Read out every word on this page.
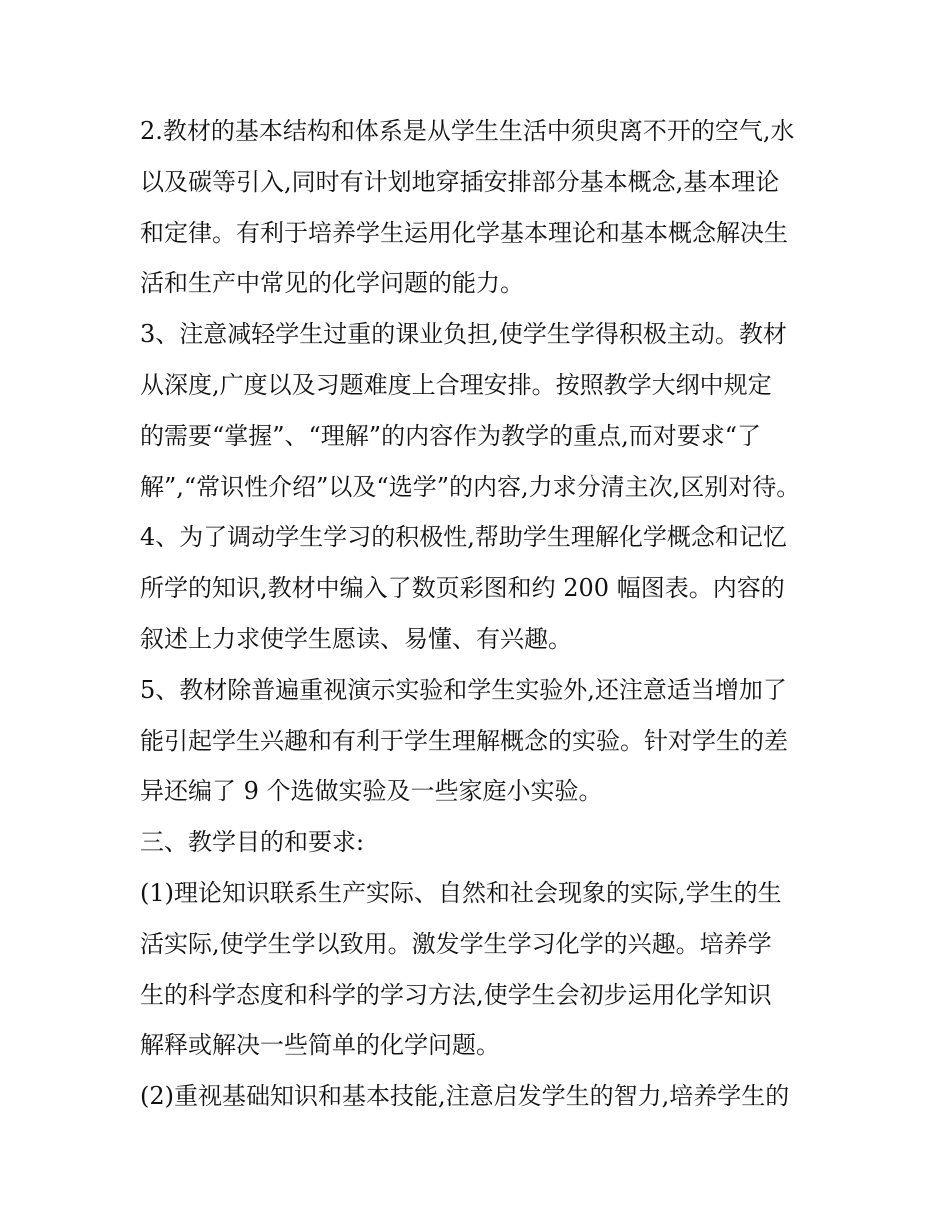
2.教材的基本结构和体系是从学生生活中须臾离不开的空气,水
以及碳等引入,同时有计划地穿插安排部分基本概念,基本理论
和定律。有利于培养学生运用化学基本理论和基本概念解决生
活和生产中常见的化学问题的能力。
3、注意减轻学生过重的课业负担,使学生学得积极主动。教材
从深度,广度以及习题难度上合理安排。按照教学大纲中规定
的需要“掌握”、“理解”的内容作为教学的重点,而对要求“了
解”,“常识性介绍”以及“选学”的内容,力求分清主次,区别对待。
4、为了调动学生学习的积极性,帮助学生理解化学概念和记忆
所学的知识,教材中编入了数页彩图和约 200 幅图表。内容的
叙述上力求使学生愿读、易懂、有兴趣。
5、教材除普遍重视演示实验和学生实验外,还注意适当增加了
能引起学生兴趣和有利于学生理解概念的实验。针对学生的差
异还编了 9 个选做实验及一些家庭小实验。
三、教学目的和要求:
(1)理论知识联系生产实际、自然和社会现象的实际,学生的生
活实际,使学生学以致用。激发学生学习化学的兴趣。培养学
生的科学态度和科学的学习方法,使学生会初步运用化学知识
解释或解决一些简单的化学问题。
(2)重视基础知识和基本技能,注意启发学生的智力,培养学生的
